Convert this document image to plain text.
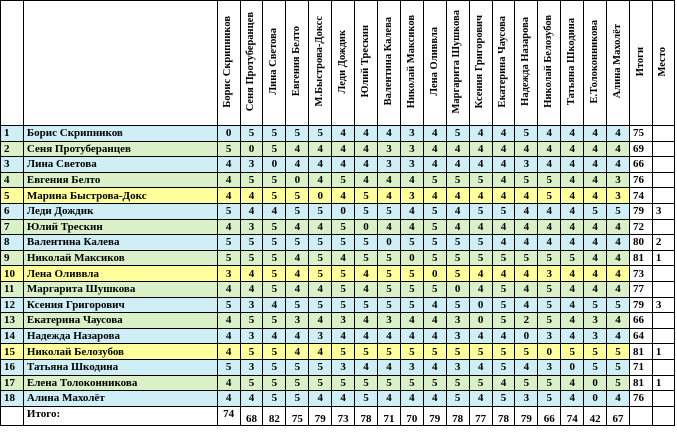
		Борис Скрипников	Сеня Протуберанцев	Лина Светова	Евгения Белто	М.Быстрова-Доксс	Леди Дождик	Юлий Трескин	Валентина Калева	Николай Максиков	Лена Оливвла	Маргарита Шушкова	Ксения Григорович	Екатерина Чаусова	Надежда Назарова	Николай Белозубов	Татьяна Шкодина	Е.Толоконникова	Алина Махолёт	Итоги	Место
1	Борис Скрипников	0	5	5	5	5	4	4	4	3	4	5	4	4	5	4	4	4	4	75	
2	Сеня Протуберанцев	5	0	5	4	4	4	4	3	3	4	4	4	4	4	4	4	4	4	69	
3	Лина Светова	4	3	0	4	4	4	4	3	3	4	4	4	4	3	4	4	4	4	66	
4	Евгения Белто	4	5	5	0	4	5	4	4	4	5	5	5	4	5	5	4	4	3	76	
5	Марина Быстрова-Докс	4	4	5	5	0	4	5	4	3	4	4	4	4	4	5	4	4	3	74	
6	Леди Дождик	5	4	4	5	5	0	5	5	4	5	4	5	5	4	4	4	5	5	79	3
7	Юлий Трескин	4	3	5	4	4	5	0	4	4	5	4	4	4	4	4	4	4	4	72	
8	Валентина Калева	5	5	5	5	5	5	5	0	5	5	5	5	4	4	4	4	4	4	80	2
9	Николай Максиков	5	5	5	4	5	4	5	5	0	5	5	5	5	5	5	5	4	4	81	1
10	Лена Оливвла	3	4	5	4	5	5	4	5	5	0	5	4	4	4	3	4	4	4	73	
11	Маргарита Шушкова	4	4	5	4	4	5	4	5	5	5	0	4	5	4	5	4	4	4	77	
12	Ксения Григорович	5	3	4	5	5	5	5	5	5	4	5	0	5	4	5	4	5	5	79	3
13	Екатерина Чаусова	4	5	5	3	4	3	4	3	4	4	3	0	5	2	5	4	3	4	66	
14	Надежда Назарова	4	3	4	4	3	4	4	4	4	4	3	4	4	0	3	4	3	4	64	
15	Николай Белозубов	4	5	5	4	4	5	5	5	5	5	5	5	5	5	0	5	5	5	81	1
16	Татьяна Шкодина	5	3	5	5	5	3	4	4	3	4	3	4	5	4	3	0	5	5	71	
17	Елена Толоконникова	4	5	5	5	5	5	5	5	5	5	5	5	4	5	5	4	0	5	81	1
18	Алина Махолёт	4	4	5	5	4	4	5	4	4	4	5	4	5	3	5	4	0	4	76	
	Итого:	74	68	82	75	79	73	78	71	70	79	78	77	78	79	66	74	42	67		
